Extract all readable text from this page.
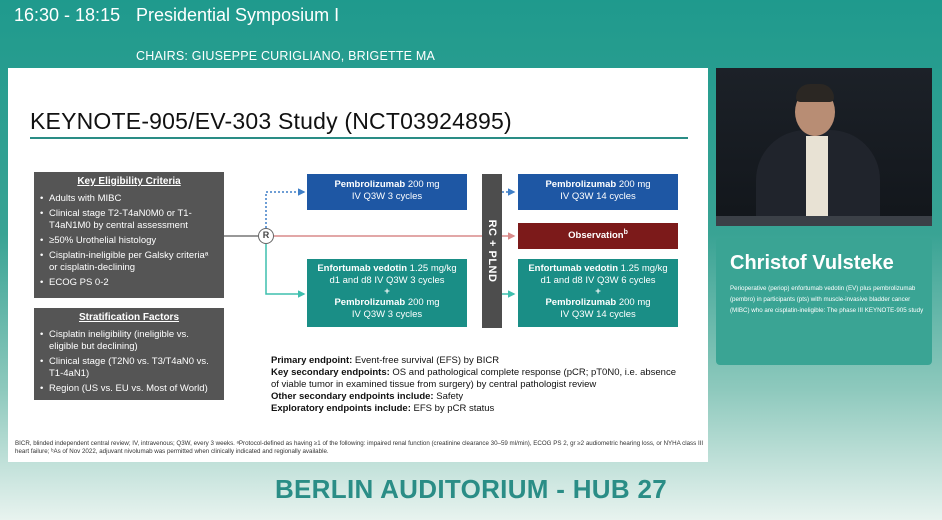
16:30 - 18:15 Presidential Symposium I
CHAIRS: GIUSEPPE CURIGLIANO, BRIGETTE MA
KEYNOTE-905/EV-303 Study (NCT03924895)
Key Eligibility Criteria
• Adults with MIBC
• Clinical stage T2-T4aN0M0 or T1-T4aN1M0 by central assessment
• ≥50% Urothelial histology
• Cisplatin-ineligible per Galsky criteriaᵃ or cisplatin-declining
• ECOG PS 0-2
Stratification Factors
• Cisplatin ineligibility (ineligible vs. eligible but declining)
• Clinical stage (T2N0 vs. T3/T4aN0 vs. T1-4aN1)
• Region (US vs. EU vs. Most of World)
R
Pembrolizumab 200 mg
IV Q3W 3 cycles
RC + PLND
Pembrolizumab 200 mg
IV Q3W 14 cycles
Observation$^b$
Enfortumab vedotin 1.25 mg/kg
d1 and d8 IV Q3W 3 cycles
+
Pembrolizumab 200 mg
IV Q3W 3 cycles
Enfortumab vedotin 1.25 mg/kg
d1 and d8 IV Q3W 6 cycles
+
Pembrolizumab 200 mg
IV Q3W 14 cycles
Primary endpoint: Event-free survival (EFS) by BICR
Key secondary endpoints: OS and pathological complete response (pCR; pT0N0, i.e. absence of viable tumor in examined tissue from surgery) by central pathologist review
Other secondary endpoints include: Safety
Exploratory endpoints include: EFS by pCR status
BICR, blinded independent central review; IV, intravenous; Q3W, every 3 weeks. ᵃProtocol-defined as having ≥1 of the following: impaired renal function (creatinine clearance 30–59 ml/min), ECOG PS 2, gr ≥2 audiometric hearing loss, or NYHA class III heart failure; ᵇAs of Nov 2022, adjuvant nivolumab was permitted when clinically indicated and regionally available.
Christof Vulsteke
Perioperative (periop) enfortumab vedotin (EV) plus pembrolizumab (pembro) in participants (pts) with muscle-invasive bladder cancer (MIBC) who are cisplatin-ineligible: The phase III KEYNOTE-905 study
BERLIN AUDITORIUM - HUB 27
